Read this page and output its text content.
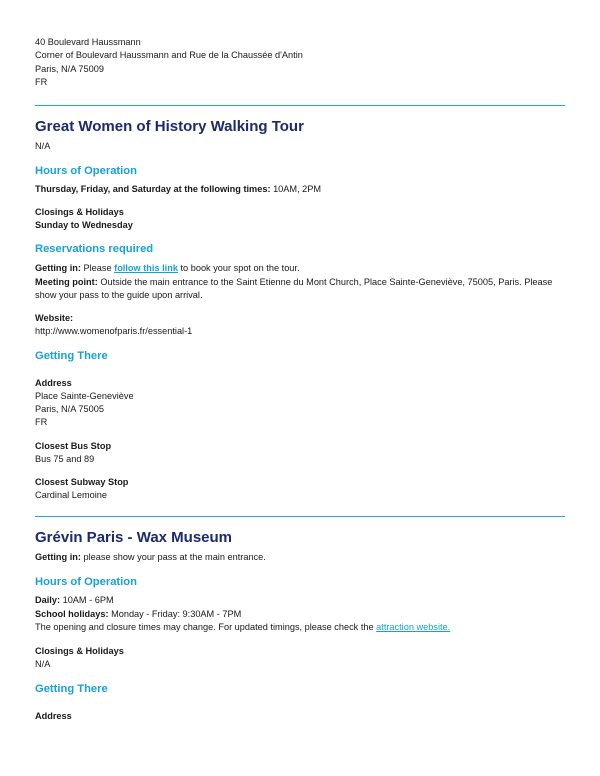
40 Boulevard Haussmann
Corner of Boulevard Haussmann and Rue de la Chaussée d'Antin
Paris, N/A 75009
FR
Great Women of History Walking Tour
N/A
Hours of Operation
Thursday, Friday, and Saturday at the following times: 10AM, 2PM
Closings & Holidays
Sunday to Wednesday
Reservations required
Getting in: Please follow this link to book your spot on the tour.
Meeting point: Outside the main entrance to the Saint Etienne du Mont Church, Place Sainte-Geneviève, 75005, Paris. Please
show your pass to the guide upon arrival.
Website:
http://www.womenofparis.fr/essential-1
Getting There
Address
Place Sainte-Geneviève
Paris, N/A 75005
FR
Closest Bus Stop
Bus 75 and 89
Closest Subway Stop
Cardinal Lemoine
Grévin Paris - Wax Museum
Getting in: please show your pass at the main entrance.
Hours of Operation
Daily: 10AM - 6PM
School holidays: Monday - Friday: 9:30AM - 7PM
The opening and closure times may change. For updated timings, please check the attraction website.
Closings & Holidays
N/A
Getting There
Address
